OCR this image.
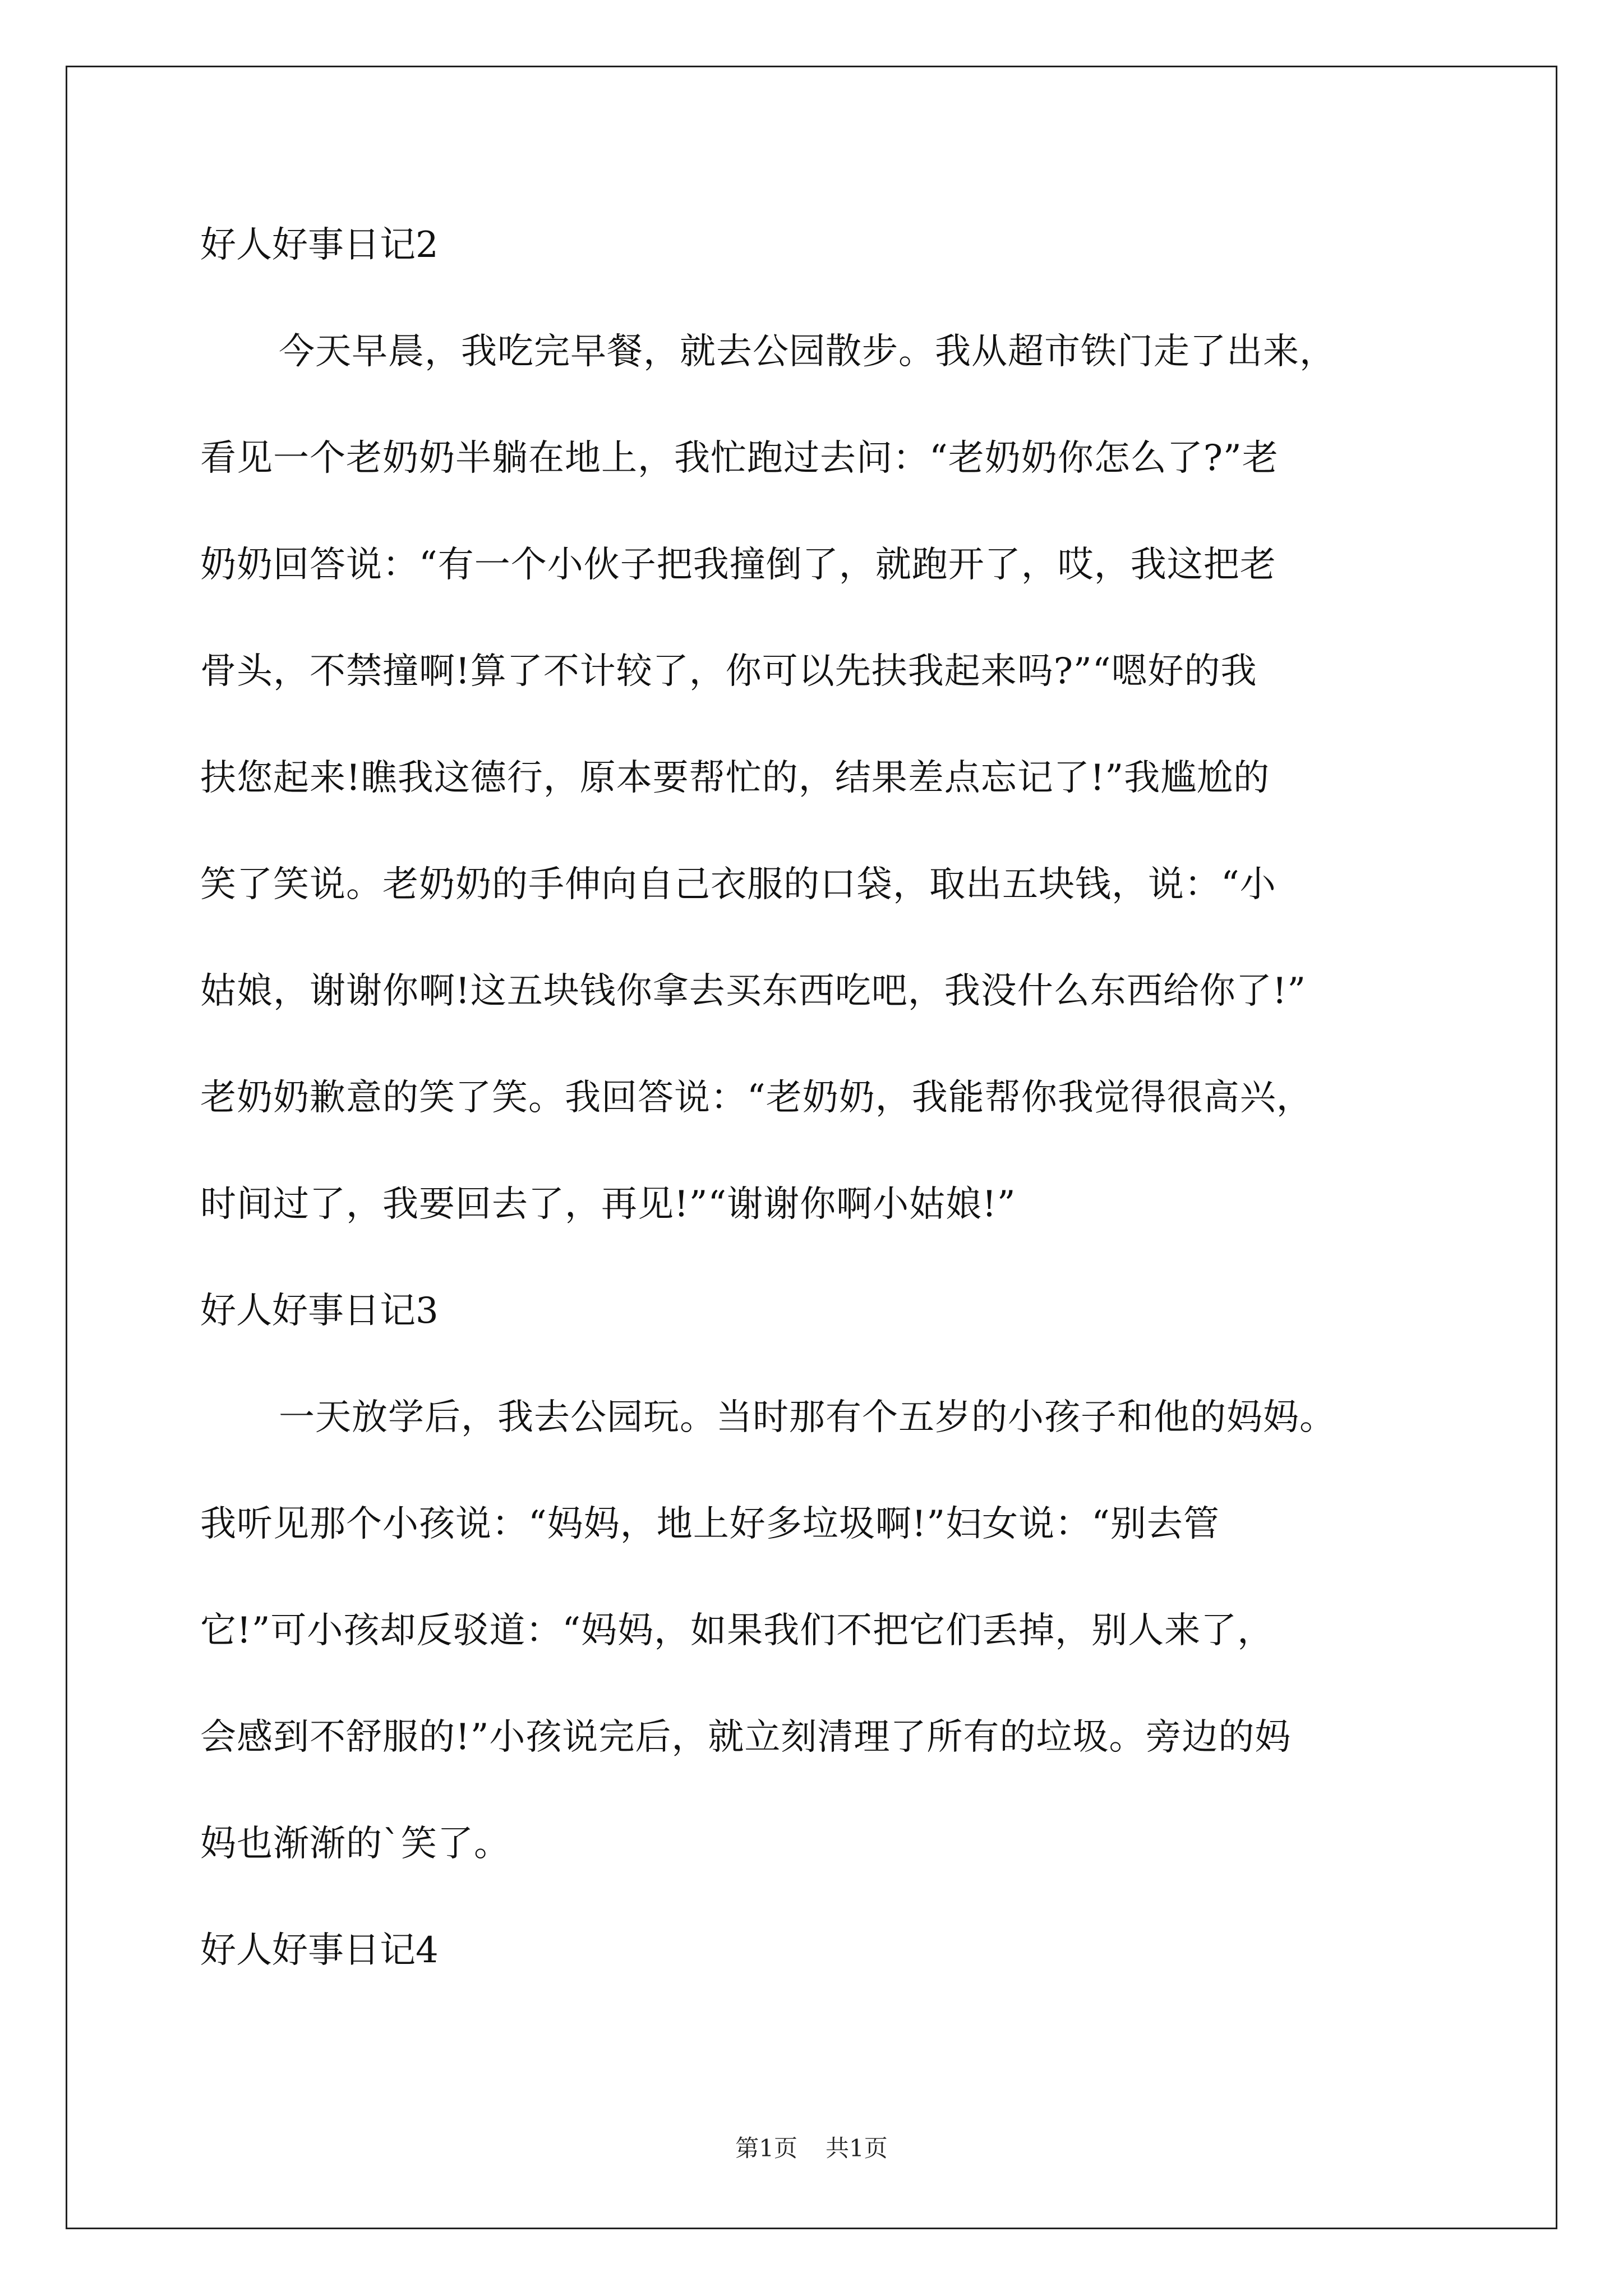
好人好事日记2
今天早晨，我吃完早餐，就去公园散步。我从超市铁门走了出来，
看见一个老奶奶半躺在地上，我忙跑过去问：“老奶奶你怎么了?”老
奶奶回答说：“有一个小伙子把我撞倒了，就跑开了，哎，我这把老
骨头，不禁撞啊!算了不计较了，你可以先扶我起来吗?”“嗯好的我
扶您起来!瞧我这德行，原本要帮忙的，结果差点忘记了!”我尴尬的
笑了笑说。老奶奶的手伸向自己衣服的口袋，取出五块钱，说：“小
姑娘，谢谢你啊!这五块钱你拿去买东西吃吧，我没什么东西给你了!”
老奶奶歉意的笑了笑。我回答说：“老奶奶，我能帮你我觉得很高兴，
时间过了，我要回去了，再见!”“谢谢你啊小姑娘!”
好人好事日记3
一天放学后，我去公园玩。当时那有个五岁的小孩子和他的妈妈。
我听见那个小孩说：“妈妈，地上好多垃圾啊!”妇女说：“别去管
它!”可小孩却反驳道：“妈妈，如果我们不把它们丢掉，别人来了，
会感到不舒服的!”小孩说完后，就立刻清理了所有的垃圾。旁边的妈
妈也渐渐的`笑了。
好人好事日记4
第1页 共1页
